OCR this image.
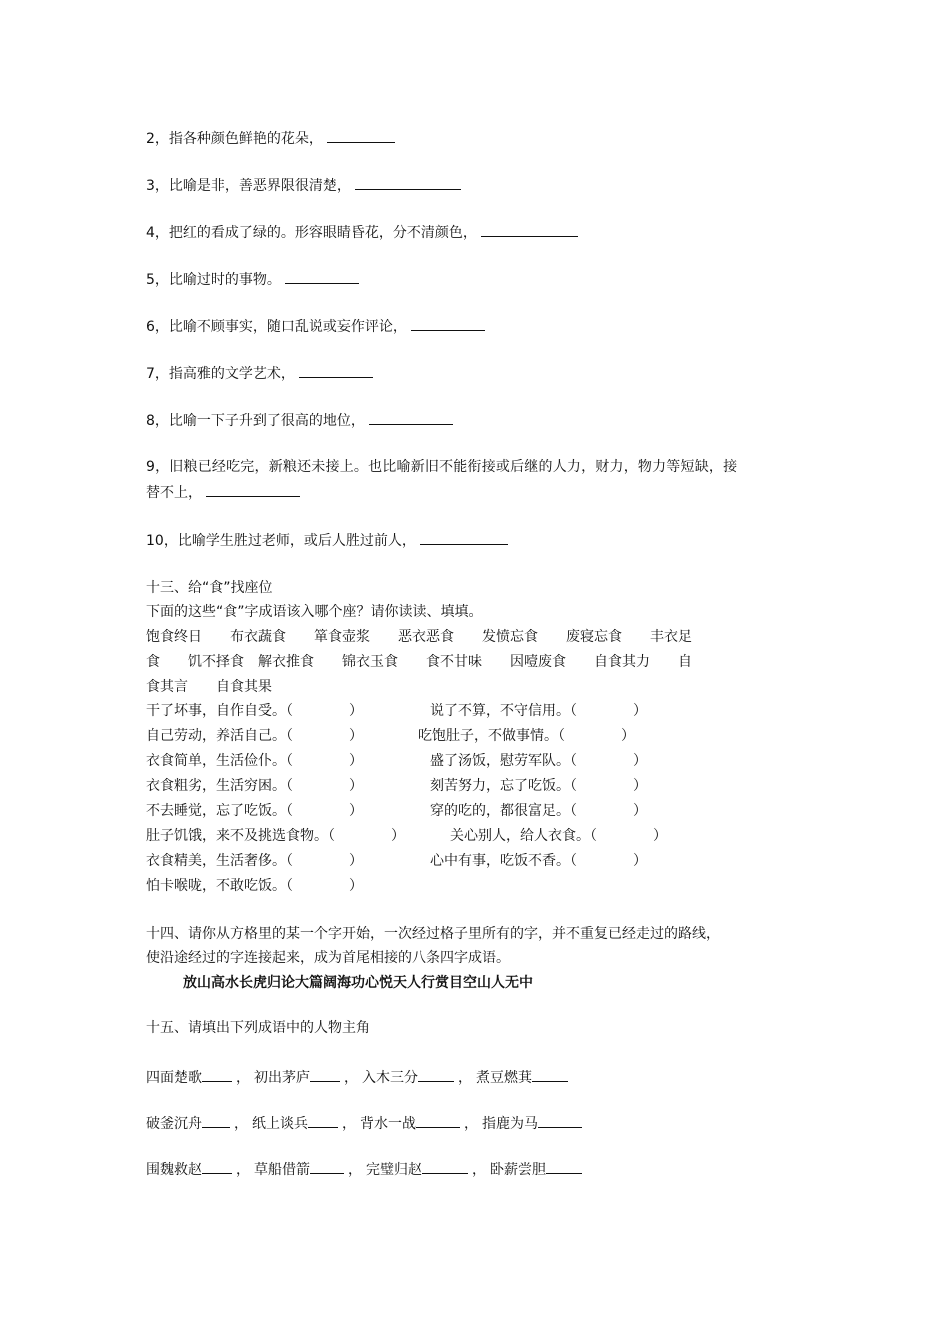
2，指各种颜色鲜艳的花朵，
3，比喻是非，善恶界限很清楚，
4，把红的看成了绿的。形容眼睛昏花，分不清颜色，
5，比喻过时的事物。
6，比喻不顾事实，随口乱说或妄作评论，
7，指高雅的文学艺术，
8，比喻一下子升到了很高的地位，
10，比喻学生胜过老师，或后人胜过前人，
9，旧粮已经吃完，新粮还未接上。也比喻新旧不能衔接或后继的人力，财力，物力等短缺，接
替不上，
十三、给“食”找座位
下面的这些“食”字成语该入哪个座？请你读读、填填。
饱食终日　　布衣蔬食　　箪食壶浆　　恶衣恶食　　发愤忘食　　废寝忘食　　丰衣足
食　　饥不择食　解衣推食　　锦衣玉食　　食不甘味　　因噎废食　　自食其力　　自
食其言　　自食其果
干了坏事，自作自受。（　　　　）	说了不算，不守信用。（　　　　）
自己劳动，养活自己。（　　　　）	吃饱肚子，不做事情。（　　　　）
衣食简单，生活俭仆。（　　　　）	盛了汤饭，慰劳军队。（　　　　）
衣食粗劣，生活穷困。（　　　　）	刻苦努力，忘了吃饭。（　　　　）
不去睡觉，忘了吃饭。（　　　　）	穿的吃的，都很富足。（　　　　）
肚子饥饿，来不及挑选食物。（　　　　）	关心别人，给人衣食。（　　　　）
衣食精美，生活奢侈。（　　　　）	心中有事，吃饭不香。（　　　　）
怕卡喉咙，不敢吃饭。（　　　　）
十四、请你从方格里的某一个字开始，一次经过格子里所有的字，并不重复已经走过的路线，
使沿途经过的字连接起来，成为首尾相接的八条四字成语。
放山高水长虎归论大篇阔海功心悦天人行赏目空山人无中
十五、请填出下列成语中的人物主角
四面楚歌 ， 初出茅庐 ， 入木三分	， 煮豆燃萁
破釜沉舟 ， 纸上谈兵 ， 背水一战	， 指鹿为马
围魏救赵 ， 草船借箭	， 完璧归赵	， 卧薪尝胆
